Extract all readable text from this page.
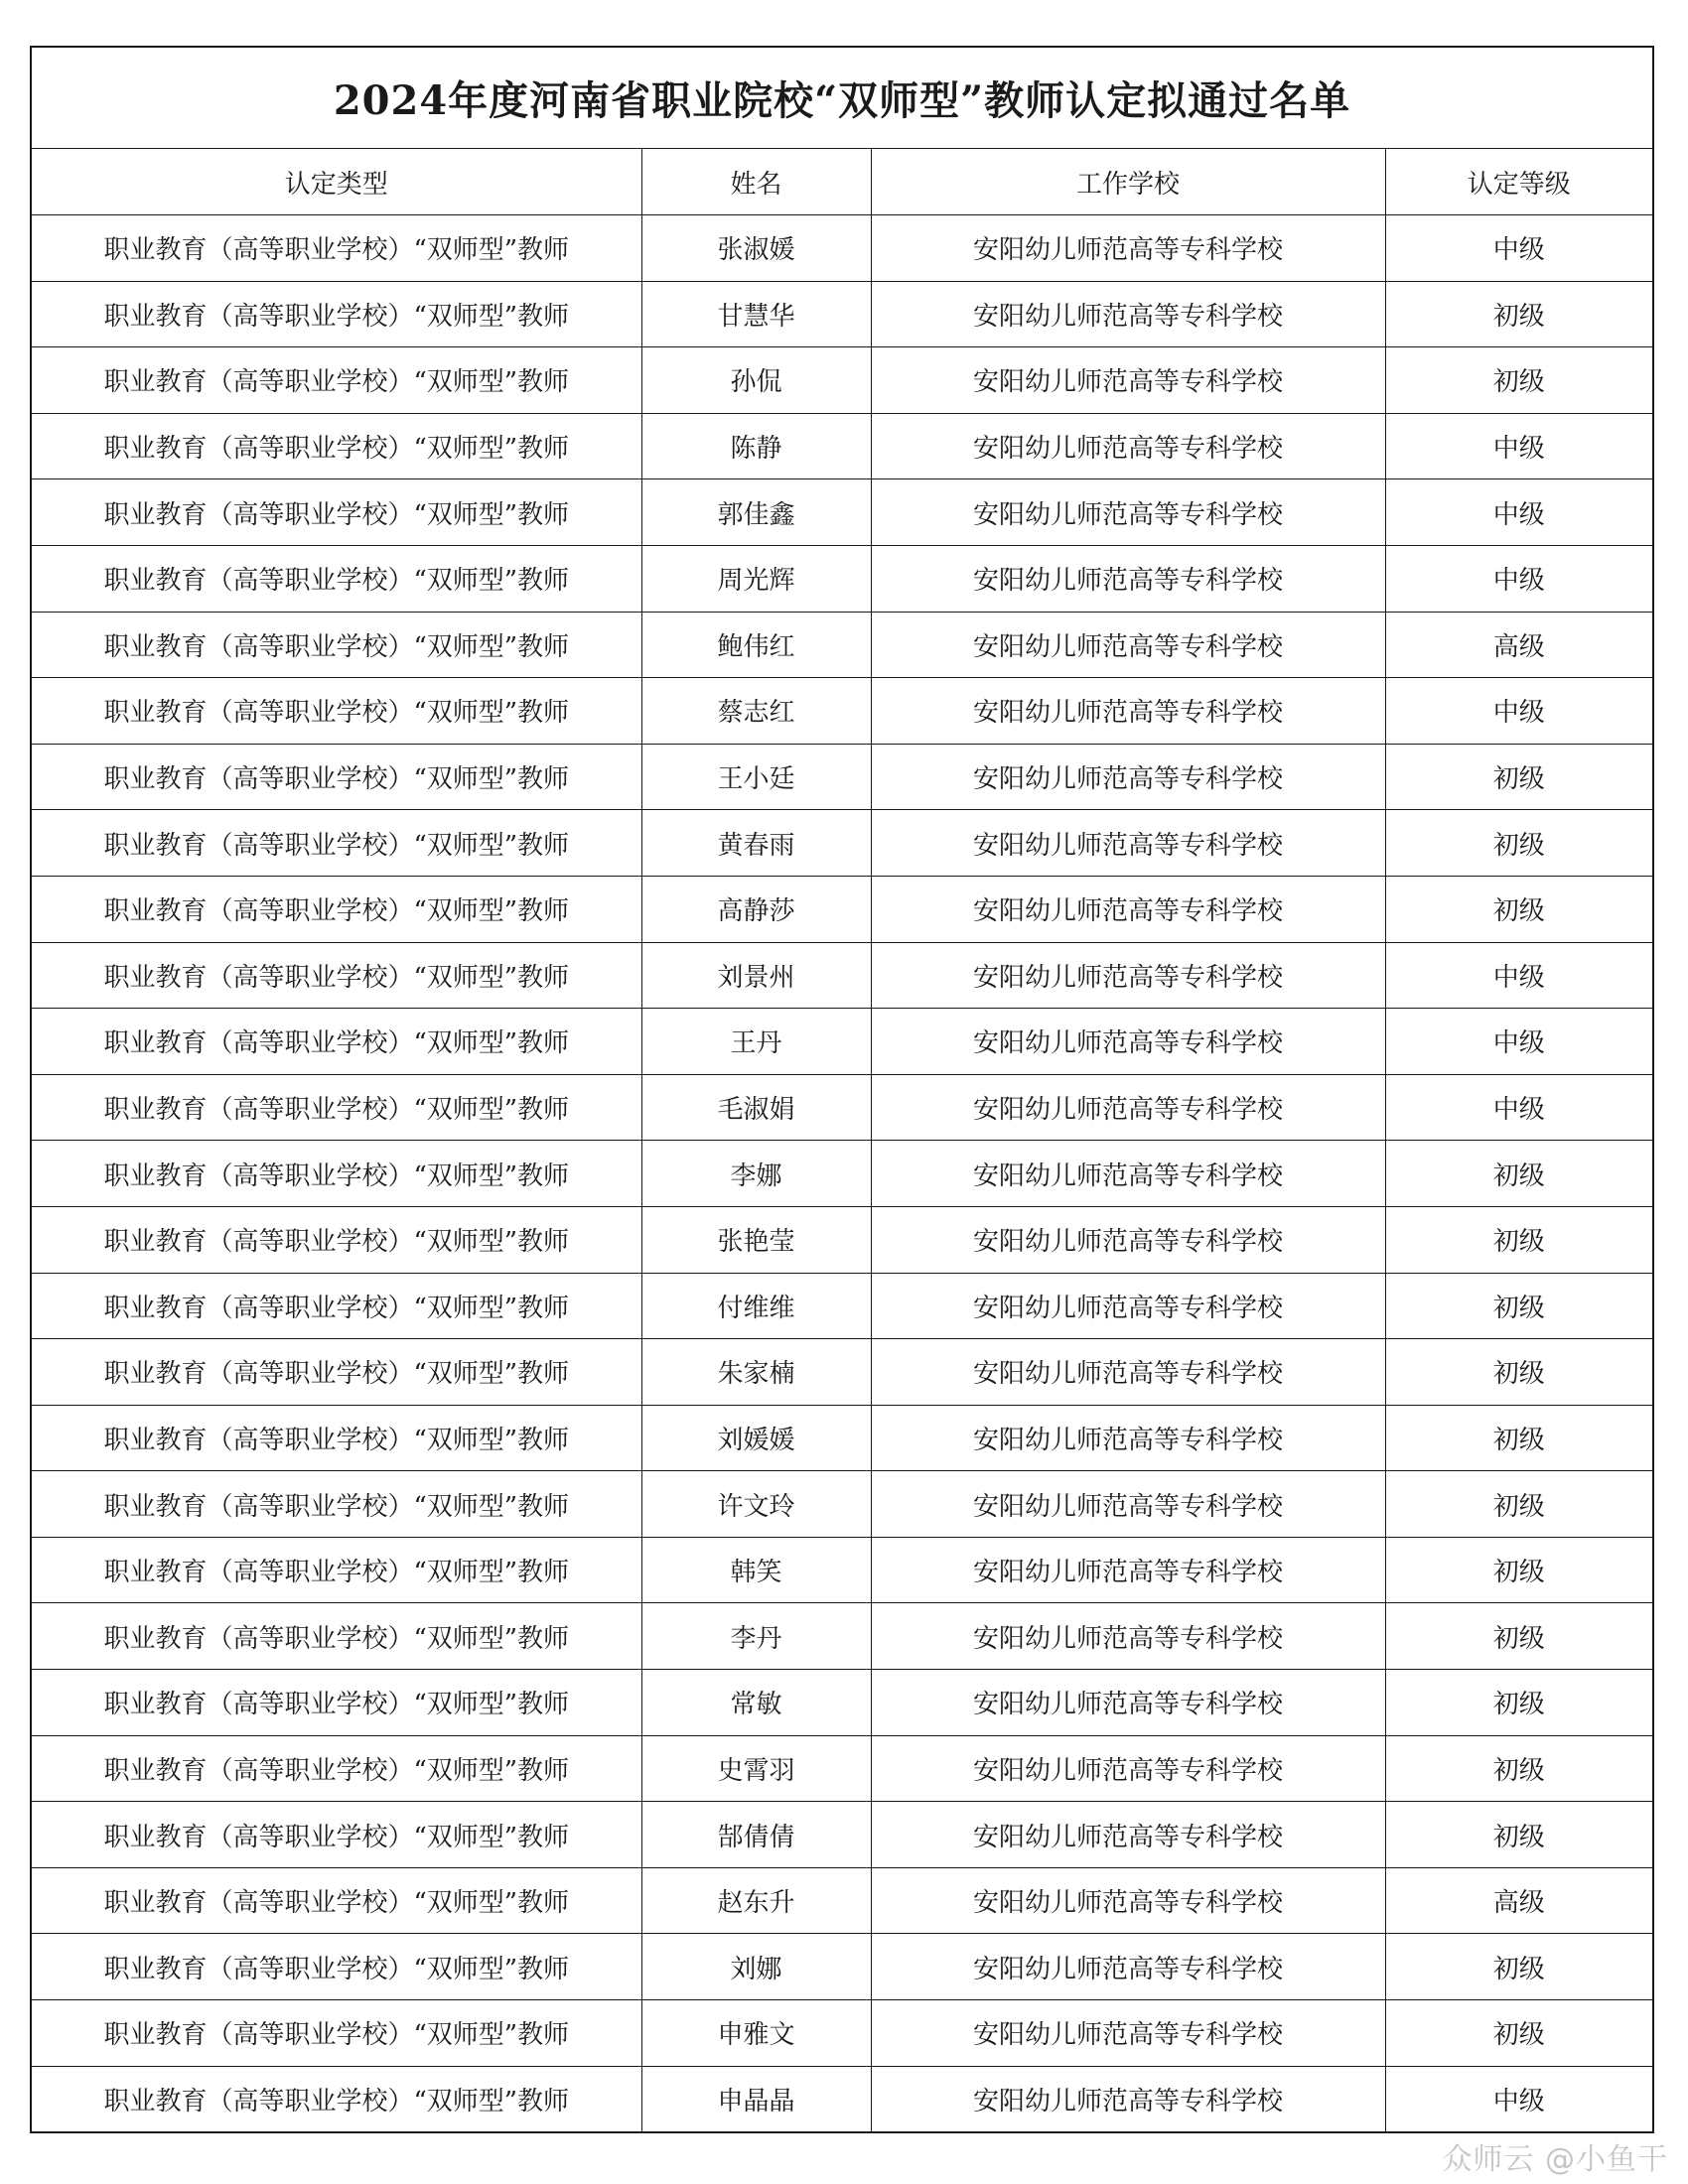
2024年度河南省职业院校“双师型”教师认定拟通过名单			
认定类型	姓名	工作学校	认定等级
职业教育（高等职业学校）“双师型”教师	张淑媛	安阳幼儿师范高等专科学校	中级
职业教育（高等职业学校）“双师型”教师	甘慧华	安阳幼儿师范高等专科学校	初级
职业教育（高等职业学校）“双师型”教师	孙侃	安阳幼儿师范高等专科学校	初级
职业教育（高等职业学校）“双师型”教师	陈静	安阳幼儿师范高等专科学校	中级
职业教育（高等职业学校）“双师型”教师	郭佳鑫	安阳幼儿师范高等专科学校	中级
职业教育（高等职业学校）“双师型”教师	周光辉	安阳幼儿师范高等专科学校	中级
职业教育（高等职业学校）“双师型”教师	鲍伟红	安阳幼儿师范高等专科学校	高级
职业教育（高等职业学校）“双师型”教师	蔡志红	安阳幼儿师范高等专科学校	中级
职业教育（高等职业学校）“双师型”教师	王小廷	安阳幼儿师范高等专科学校	初级
职业教育（高等职业学校）“双师型”教师	黄春雨	安阳幼儿师范高等专科学校	初级
职业教育（高等职业学校）“双师型”教师	高静莎	安阳幼儿师范高等专科学校	初级
职业教育（高等职业学校）“双师型”教师	刘景州	安阳幼儿师范高等专科学校	中级
职业教育（高等职业学校）“双师型”教师	王丹	安阳幼儿师范高等专科学校	中级
职业教育（高等职业学校）“双师型”教师	毛淑娟	安阳幼儿师范高等专科学校	中级
职业教育（高等职业学校）“双师型”教师	李娜	安阳幼儿师范高等专科学校	初级
职业教育（高等职业学校）“双师型”教师	张艳莹	安阳幼儿师范高等专科学校	初级
职业教育（高等职业学校）“双师型”教师	付维维	安阳幼儿师范高等专科学校	初级
职业教育（高等职业学校）“双师型”教师	朱家楠	安阳幼儿师范高等专科学校	初级
职业教育（高等职业学校）“双师型”教师	刘媛媛	安阳幼儿师范高等专科学校	初级
职业教育（高等职业学校）“双师型”教师	许文玲	安阳幼儿师范高等专科学校	初级
职业教育（高等职业学校）“双师型”教师	韩笑	安阳幼儿师范高等专科学校	初级
职业教育（高等职业学校）“双师型”教师	李丹	安阳幼儿师范高等专科学校	初级
职业教育（高等职业学校）“双师型”教师	常敏	安阳幼儿师范高等专科学校	初级
职业教育（高等职业学校）“双师型”教师	史霄羽	安阳幼儿师范高等专科学校	初级
职业教育（高等职业学校）“双师型”教师	郜倩倩	安阳幼儿师范高等专科学校	初级
职业教育（高等职业学校）“双师型”教师	赵东升	安阳幼儿师范高等专科学校	高级
职业教育（高等职业学校）“双师型”教师	刘娜	安阳幼儿师范高等专科学校	初级
职业教育（高等职业学校）“双师型”教师	申雅文	安阳幼儿师范高等专科学校	初级
职业教育（高等职业学校）“双师型”教师	申晶晶	安阳幼儿师范高等专科学校	中级
众师云 @小鱼干
